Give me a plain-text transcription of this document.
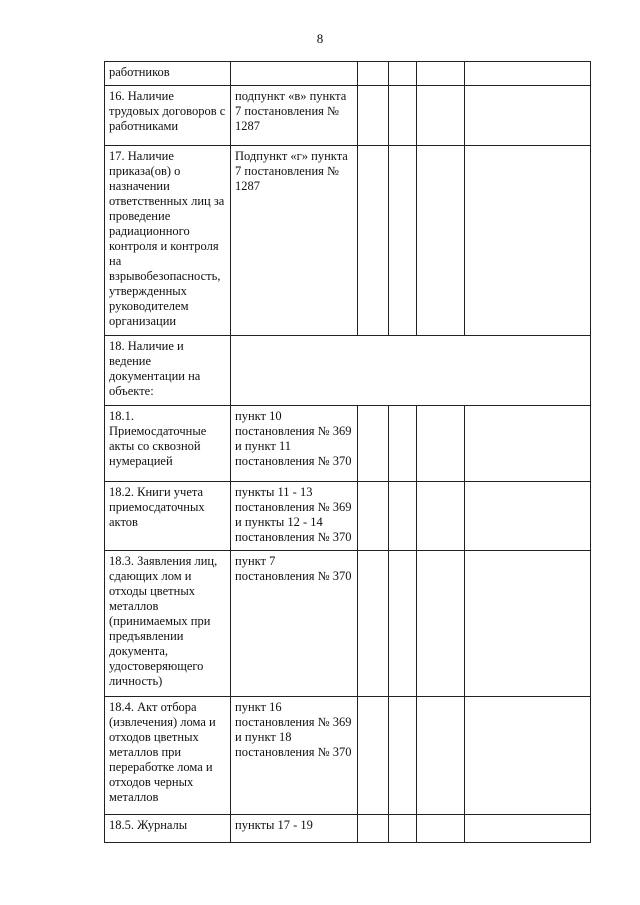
8
работников					
16. Наличие трудовых договоров с работниками	подпункт «в» пункта 7 постановления № 1287				
17. Наличие приказа(ов) о назначении ответственных лиц за проведение радиационного контроля и контроля на взрывобезопасность, утвержденных руководителем организации	Подпункт «г» пункта 7 постановления № 1287				
18. Наличие и ведение документации на объекте:					
18.1. Приемосдаточные акты со сквозной нумерацией	пункт 10 постановления № 369 и пункт 11 постановления № 370				
18.2. Книги учета приемосдаточных актов	пункты 11 - 13 постановления № 369 и пункты 12 - 14 постановления № 370				
18.3. Заявления лиц, сдающих лом и отходы цветных металлов (принимаемых при предъявлении документа, удостоверяющего личность)	пункт 7 постановления № 370				
18.4. Акт отбора (извлечения) лома и отходов цветных металлов при переработке лома и отходов черных металлов	пункт 16 постановления № 369 и пункт 18 постановления № 370				
18.5. Журналы	пункты 17 - 19				
